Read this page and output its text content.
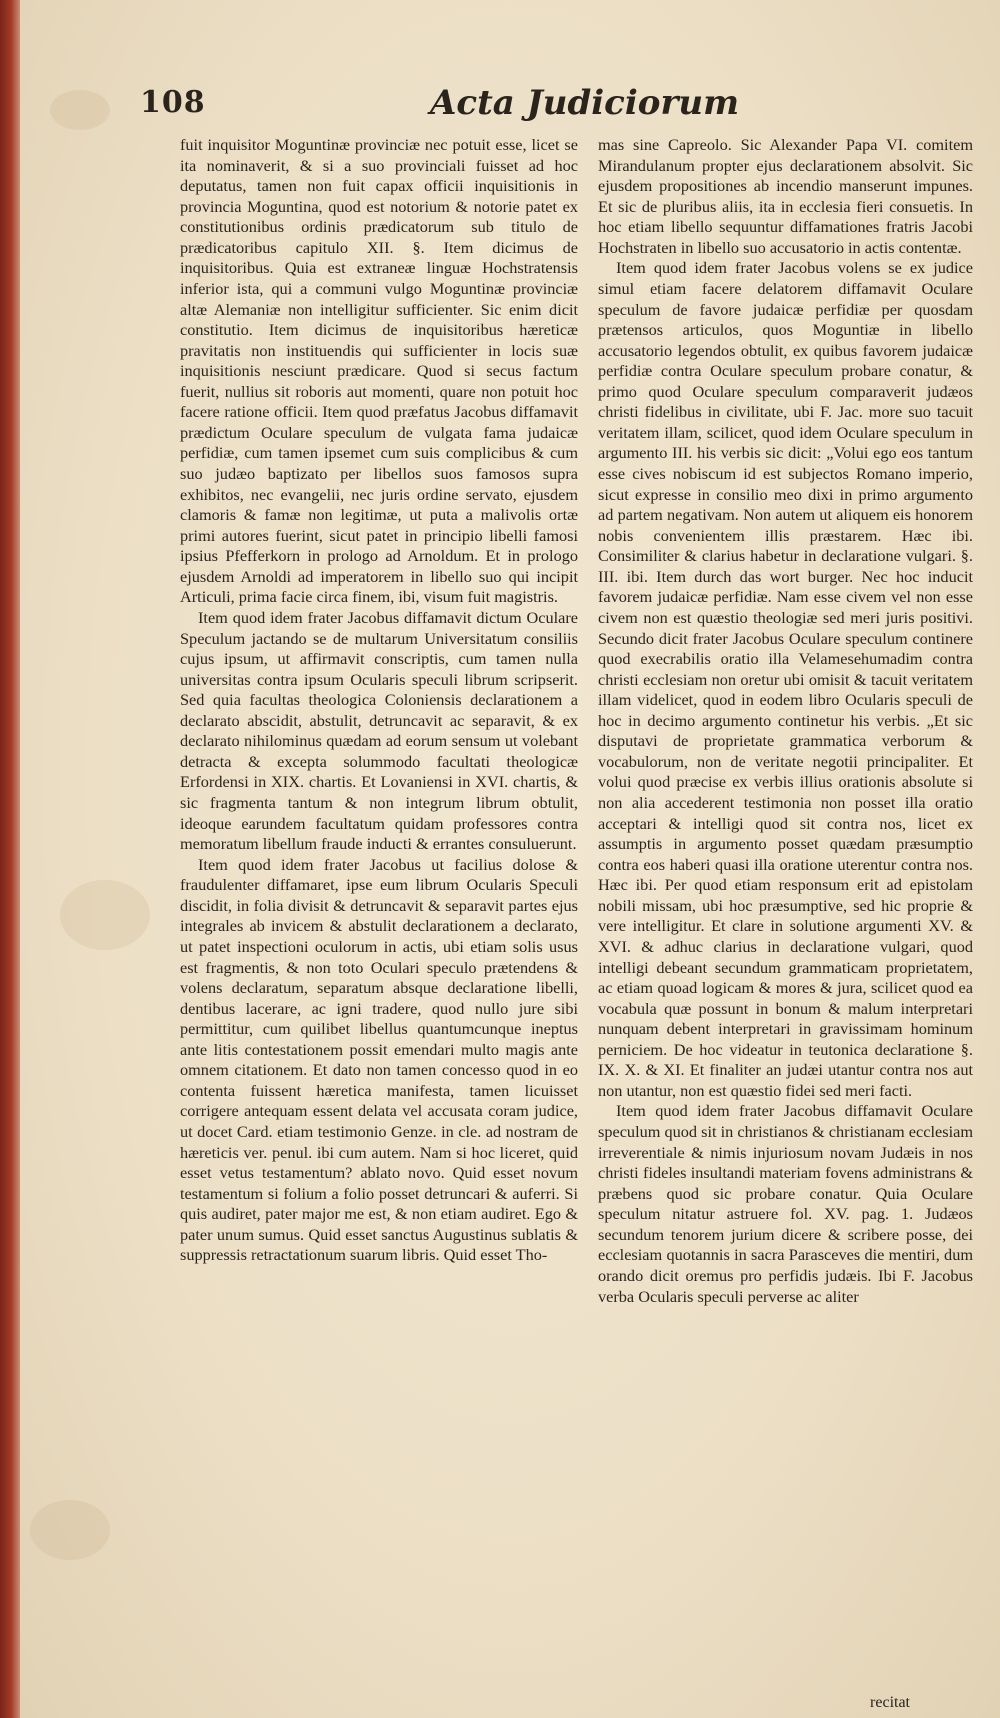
108	Acta Judiciorum

fuit inquisitor Moguntinæ provinciæ nec potuit esse, licet se ita nominaverit, & si a suo provinciali fuisset ad hoc deputatus, tamen non fuit capax officii inquisitionis in provincia Moguntina, quod est notorium & notorie patet ex constitutionibus ordinis prædicatorum sub titulo de prædicatoribus capitulo XII. §. Item dicimus de inquisitoribus. Quia est extraneæ linguæ Hochstratensis inferior ista, qui a communi vulgo Moguntinæ provinciæ altæ Alemaniæ non intelligitur sufficienter. Sic enim dicit constitutio. Item dicimus de inquisitoribus hæreticæ pravitatis non instituendis qui sufficienter in locis suæ inquisitionis nesciunt prædicare. Quod si secus factum fuerit, nullius sit roboris aut momenti, quare non potuit hoc facere ratione officii. Item quod præfatus Jacobus diffamavit prædictum Oculare speculum de vulgata fama judaicæ perfidiæ, cum tamen ipsemet cum suis complicibus & cum suo judæo baptizato per libellos suos famosos supra exhibitos, nec evangelii, nec juris ordine servato, ejusdem clamoris & famæ non legitimæ, ut puta a malivolis ortæ primi autores fuerint, sicut patet in principio libelli famosi ipsius Pfefferkorn in prologo ad Arnoldum. Et in prologo ejusdem Arnoldi ad imperatorem in libello suo qui incipit Articuli, prima facie circa finem, ibi, visum fuit magistris.

Item quod idem frater Jacobus diffamavit dictum Oculare Speculum jactando se de multarum Universitatum consiliis cujus ipsum, ut affirmavit conscriptis, cum tamen nulla universitas contra ipsum Ocularis speculi librum scripserit. Sed quia facultas theologica Coloniensis declarationem a declarato abscidit, abstulit, detruncavit ac separavit, & ex declarato nihilominus quædam ad eorum sensum ut volebant detracta & excepta solummodo facultati theologicæ Erfordensi in XIX. chartis. Et Lovaniensi in XVI. chartis, & sic fragmenta tantum & non integrum librum obtulit, ideoque earundem facultatum quidam professores contra memoratum libellum fraude inducti & errantes consuluerunt.

Item quod idem frater Jacobus ut facilius dolose & fraudulenter diffamaret, ipse eum librum Ocularis Speculi discidit, in folia divisit & detruncavit & separavit partes ejus integrales ab invicem & abstulit declarationem a declarato, ut patet inspectioni oculorum in actis, ubi etiam solis usus est fragmentis, & non toto Oculari speculo prætendens & volens declaratum, separatum absque declaratione libelli, dentibus lacerare, ac igni tradere, quod nullo jure sibi permittitur, cum quilibet libellus quantumcunque ineptus ante litis contestationem possit emendari multo magis ante omnem citationem. Et dato non tamen concesso quod in eo contenta fuissent hæretica manifesta, tamen licuisset corrigere antequam essent delata vel accusata coram judice, ut docet Card. etiam testimonio Genze. in cle. ad nostram de hæreticis ver. penul. ibi cum autem. Nam si hoc liceret, quid esset vetus testamentum? ablato novo. Quid esset novum testamentum si folium a folio posset detruncari & auferri. Si quis audiret, pater major me est, & non etiam audiret. Ego & pater unum sumus. Quid esset sanctus Augustinus sublatis & suppressis retractationum suarum libris. Quid esset Tho-

mas sine Capreolo. Sic Alexander Papa VI. comitem Mirandulanum propter ejus declarationem absolvit. Sic ejusdem propositiones ab incendio manserunt impunes. Et sic de pluribus aliis, ita in ecclesia fieri consuetis. In hoc etiam libello sequuntur diffamationes fratris Jacobi Hochstraten in libello suo accusatorio in actis contentæ.

Item quod idem frater Jacobus volens se ex judice simul etiam facere delatorem diffamavit Oculare speculum de favore judaicæ perfidiæ per quosdam prætensos articulos, quos Moguntiæ in libello accusatorio legendos obtulit, ex quibus favorem judaicæ perfidiæ contra Oculare speculum probare conatur, & primo quod Oculare speculum comparaverit judæos christi fidelibus in civilitate, ubi F. Jac. more suo tacuit veritatem illam, scilicet, quod idem Oculare speculum in argumento III. his verbis sic dicit: „Volui ego eos tantum esse cives nobiscum id est subjectos Romano imperio, sicut expresse in consilio meo dixi in primo argumento ad partem negativam. Non autem ut aliquem eis honorem nobis convenientem illis præstarem. Hæc ibi. Consimiliter & clarius habetur in declaratione vulgari. §. III. ibi. Item durch das wort burger. Nec hoc inducit favorem judaicæ perfidiæ. Nam esse civem vel non esse civem non est quæstio theologiæ sed meri juris positivi. Secundo dicit frater Jacobus Oculare speculum continere quod execrabilis oratio illa Velamesehumadim contra christi ecclesiam non oretur ubi omisit & tacuit veritatem illam videlicet, quod in eodem libro Ocularis speculi de hoc in decimo argumento continetur his verbis. „Et sic disputavi de proprietate grammatica verborum & vocabulorum, non de veritate negotii principaliter. Et volui quod præcise ex verbis illius orationis absolute si non alia accederent testimonia non posset illa oratio acceptari & intelligi quod sit contra nos, licet ex assumptis in argumento posset quædam præsumptio contra eos haberi quasi illa oratione uterentur contra nos. Hæc ibi. Per quod etiam responsum erit ad epistolam nobili missam, ubi hoc præsumptive, sed hic proprie & vere intelligitur. Et clare in solutione argumenti XV. & XVI. & adhuc clarius in declaratione vulgari, quod intelligi debeant secundum grammaticam proprietatem, ac etiam quoad logicam & mores & jura, scilicet quod ea vocabula quæ possunt in bonum & malum interpretari nunquam debent interpretari in gravissimam hominum perniciem. De hoc videatur in teutonica declaratione §. IX. X. & XI. Et finaliter an judæi utantur contra nos aut non utantur, non est quæstio fidei sed meri facti.

Item quod idem frater Jacobus diffamavit Oculare speculum quod sit in christianos & christianam ecclesiam irreverentiale & nimis injuriosum novam Judæis in nos christi fideles insultandi materiam fovens administrans & præbens quod sic probare conatur. Quia Oculare speculum nitatur astruere fol. XV. pag. 1. Judæos secundum tenorem jurium dicere & scribere posse, dei ecclesiam quotannis in sacra Parasceves die mentiri, dum orando dicit oremus pro perfidis judæis. Ibi F. Jacobus verba Ocularis speculi perverse ac aliter

recitat
